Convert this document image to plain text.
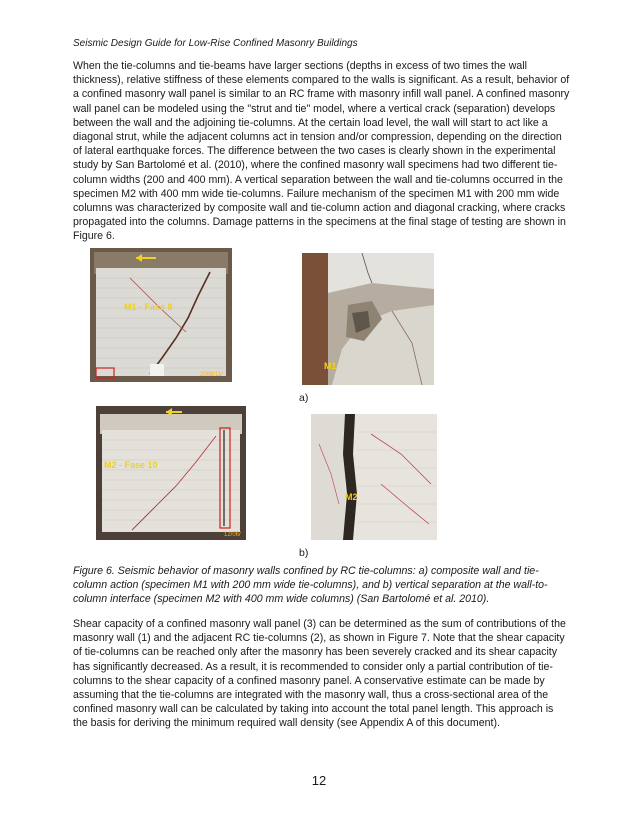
Seismic Design Guide for Low-Rise Confined Masonry Buildings

When the tie-columns and tie-beams have larger sections (depths in excess of two times the wall thickness), relative stiffness of these elements compared to the walls is significant. As a result, behavior of a confined masonry wall panel is similar to an RC frame with masonry infill wall panel. A confined masonry wall panel can be modeled using the "strut and tie" model, where a vertical crack (separation) develops between the wall and the adjoining tie-columns. At the certain load level, the wall will start to act like a diagonal strut, while the adjacent columns act in tension and/or compression, depending on the direction of lateral earthquake forces. The difference between the two cases is clearly shown in the experimental study by San Bartolomé et al. (2010), where the confined masonry wall specimens had two different tie-column widths (200 and 400 mm). A vertical separation between the wall and tie-columns occurred in the specimen M2 with 400 mm wide tie-columns. Failure mechanism of the specimen M1 with 200 mm wide columns was characterized by composite wall and tie-column action and diagonal cracking, where cracks propagated into the columns. Damage patterns in the specimens at the final stage of testing are shown in Figure 6.

M1 - Fase 8
2008/11/
M1
a)
M2 - Fase 10
12/06/
M2
b)

Figure 6. Seismic behavior of masonry walls confined by RC tie-columns: a) composite wall and tie-column action (specimen M1 with 200 mm wide tie-columns), and b) vertical separation at the wall-to-column interface (specimen M2 with 400 mm wide columns) (San Bartolomé et al. 2010).

Shear capacity of a confined masonry wall panel (3) can be determined as the sum of contributions of the masonry wall (1) and the adjacent RC tie-columns (2), as shown in Figure 7. Note that the shear capacity of tie-columns can be reached only after the masonry has been severely cracked and its shear capacity has significantly decreased. As a result, it is recommended to consider only a partial contribution of tie-columns to the shear capacity of a confined masonry panel. A conservative estimate can be made by assuming that the tie-columns are integrated with the masonry wall, thus a cross-sectional area of the confined masonry wall can be calculated by taking into account the total panel length. This approach is the basis for deriving the minimum required wall density (see Appendix A of this document).

12
